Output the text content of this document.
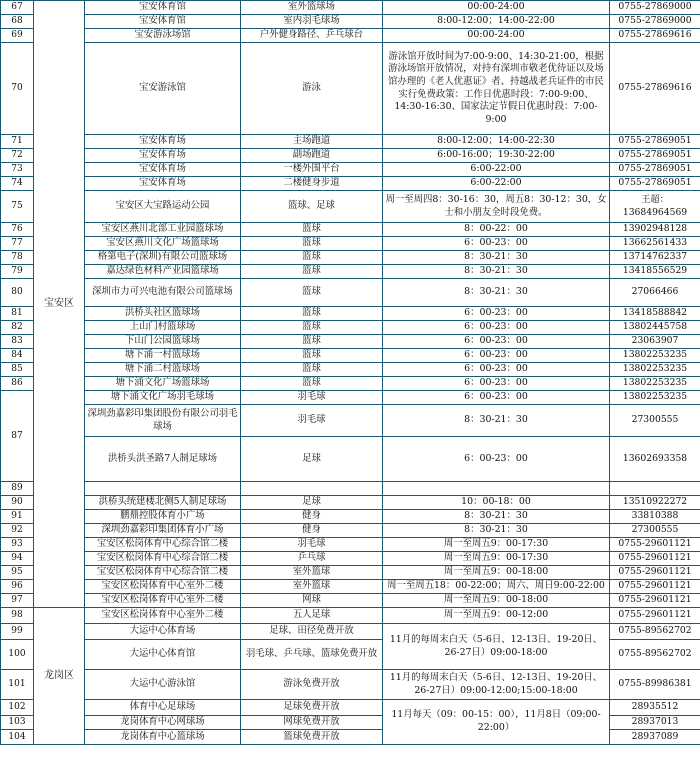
67	宝安区	宝安体育馆	室外篮球场	00:00-24:00	0755-27869000
68		宝安体育馆	室内羽毛球场	8:00-12:00；14:00-22:00	0755-27869000
69		宝安游泳场馆	户外健身路径、乒乓球台	00:00-24:00	0755-27869616
70		宝安游泳馆	游泳	游泳馆开放时间为7:00-9:00、14:30-21:00，根据游泳场馆开放情况，对持有深圳市敬老优待证以及场馆办理的《老人优惠证》者、持越战老兵证件的市民实行免费政策：工作日优惠时段：7:00-9:00、14:30-16:30、国家法定节假日优惠时段：7:00-9:00	0755-27869616
71		宝安体育场	主场跑道	8:00-12:00；14:00-22:30	0755-27869051
72		宝安体育场	副场跑道	6:00-16:00；19:30-22:00	0755-27869051
73		宝安体育场	一楼外围平台	6:00-22:00	0755-27869051
74		宝安体育场	二楼健身步道	6:00-22:00	0755-27869051
75		宝安区大宝路运动公园	篮球、足球	周一至周四8：30-16：30，周五8：30-12：30，女士和小朋友全时段免费。	王超：13684964569
76		宝安区燕川北部工业园篮球场	篮球	8：00-22：00	13902948128
77		宝安区燕川文化广场篮球场	篮球	6：00-23：00	13662561433
78		格第电子(深圳)有限公司篮球场	篮球	8：30-21：30	13714762337
79		嘉达绿色材料产业园篮球场	篮球	8：30-21：30	13418556529
80		深圳市力可兴电池有限公司篮球场	篮球	8：30-21：30	27066466
81		洪桥头社区篮球场	篮球	6：00-23：00	13418588842
82		上山门村篮球场	篮球	6：00-23：00	13802445758
83		下山门公园篮球场	篮球	6：00-23：00	23063907
84		塘下涌一村篮球场	篮球	6：00-23：00	13802253235
85		塘下涌二村篮球场	篮球	6：00-23：00	13802253235
86		塘下涌文化广场篮球场	篮球	6：00-23：00	13802253235
87		塘下涌文化广场羽毛球场	羽毛球	6：00-23：00	13802253235
		深圳劲嘉彩印集团股份有限公司羽毛球场	羽毛球	8：30-21：30	27300555
		洪桥头洪圣路7人制足球场	足球	6：00-23：00	13602693358
89					
90		洪桥头统建楼北侧5人制足球场	足球	10：00-18：00	13510922272
91		鹏鼎控股体育小广场	健身	8：30-21：30	33810388
92		深圳劲嘉彩印集团体育小广场	健身	8：30-21：30	27300555
93		宝安区松岗体育中心综合馆二楼	羽毛球	周一至周五9：00-17:30	0755-29601121
94		宝安区松岗体育中心综合馆二楼	乒乓球	周一至周五9：00-17:30	0755-29601121
95		宝安区松岗体育中心综合馆二楼	室外篮球	周一至周五9：00-18:00	0755-29601121
96		宝安区松岗体育中心室外二楼	室外篮球	周一至周五18：00-22:00；周六、周日9:00-22:00	0755-29601121
97		宝安区松岗体育中心室外二楼	网球	周一至周五9：00-18:00	0755-29601121
98	龙岗区	宝安区松岗体育中心室外二楼	五人足球	周一至周五9：00-12:00	0755-29601121
99		大运中心体育场	足球、田径免费开放	11月的每周末白天（5-6日、12-13日、19-20日、26-27日）09:00-18:00	0755-89562702
100		大运中心体育馆	羽毛球、乒乓球、篮球免费开放		0755-89562702
101		大运中心游泳馆	游泳免费开放	11月的每周末白天（5-6日、12-13日、19-20日、26-27日）09:00-12:00;15:00-18:00	0755-89986381
102		体育中心足球场	足球免费开放	11月每天（09：00-15：00），11月8日（09:00-22:00）	28935512
103		龙岗体育中心网球场	网球免费开放		28937013
104		龙岗体育中心篮球场	篮球免费开放		28937089
